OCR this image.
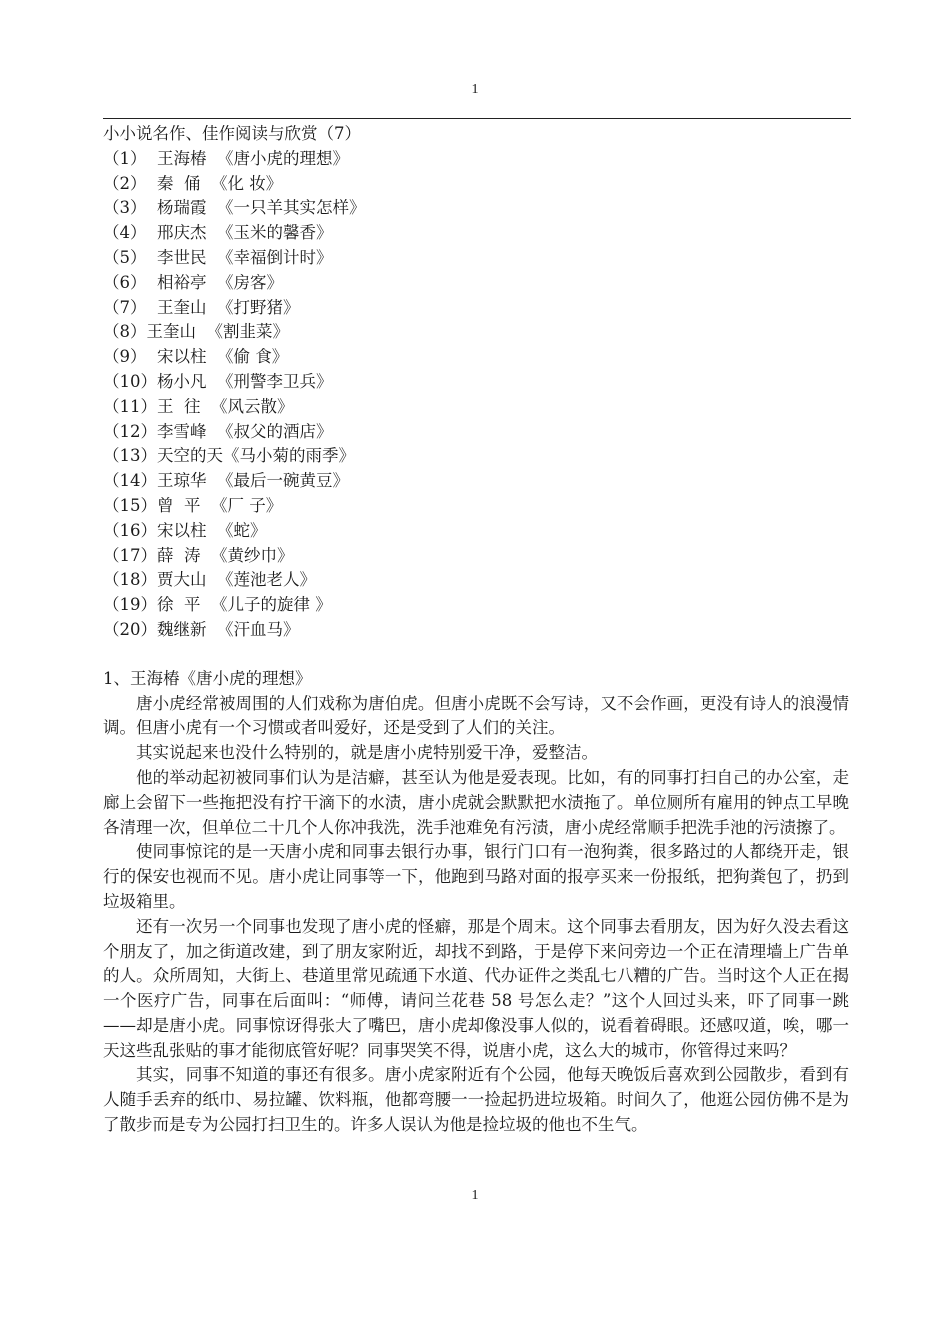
1
小小说名作、佳作阅读与欣赏（7）
（1）  王海椿  《唐小虎的理想》
（2）  秦  俑  《化 妆》
（3）  杨瑞霞  《一只羊其实怎样》
（4）  邢庆杰  《玉米的馨香》
（5）  李世民  《幸福倒计时》
（6）  相裕亭  《房客》
（7）  王奎山  《打野猪》
（8）王奎山  《割韭菜》
（9）  宋以柱  《偷 食》
（10）杨小凡  《刑警李卫兵》
（11）王  往  《风云散》
（12）李雪峰  《叔父的酒店》
（13）天空的天《马小菊的雨季》
（14）王琼华  《最后一碗黄豆》
（15）曾  平  《厂 子》
（16）宋以柱  《蛇》
（17）薛  涛  《黄纱巾》
（18）贾大山  《莲池老人》
（19）徐  平  《儿子的旋律 》
（20）魏继新  《汗血马》
1、王海椿《唐小虎的理想》

唐小虎经常被周围的人们戏称为唐伯虎。但唐小虎既不会写诗，又不会作画，更没有诗人的浪漫情调。但唐小虎有一个习惯或者叫爱好，还是受到了人们的关注。

其实说起来也没什么特别的，就是唐小虎特别爱干净，爱整洁。

他的举动起初被同事们认为是洁癖，甚至认为他是爱表现。比如，有的同事打扫自己的办公室，走廊上会留下一些拖把没有拧干滴下的水渍，唐小虎就会默默把水渍拖了。单位厕所有雇用的钟点工早晚各清理一次，但单位二十几个人你冲我洗，洗手池难免有污渍，唐小虎经常顺手把洗手池的污渍擦了。

使同事惊诧的是一天唐小虎和同事去银行办事，银行门口有一泡狗粪，很多路过的人都绕开走，银行的保安也视而不见。唐小虎让同事等一下，他跑到马路对面的报亭买来一份报纸，把狗粪包了，扔到垃圾箱里。

还有一次另一个同事也发现了唐小虎的怪癖，那是个周末。这个同事去看朋友，因为好久没去看这个朋友了，加之街道改建，到了朋友家附近，却找不到路，于是停下来问旁边一个正在清理墙上广告单的人。众所周知，大街上、巷道里常见疏通下水道、代办证件之类乱七八糟的广告。当时这个人正在揭一个医疗广告，同事在后面叫：“师傅，请问兰花巷 58 号怎么走？”这个人回过头来，吓了同事一跳——却是唐小虎。同事惊讶得张大了嘴巴，唐小虎却像没事人似的，说看着碍眼。还感叹道，唉，哪一天这些乱张贴的事才能彻底管好呢？同事哭笑不得，说唐小虎，这么大的城市，你管得过来吗？

其实，同事不知道的事还有很多。唐小虎家附近有个公园，他每天晚饭后喜欢到公园散步，看到有人随手丢弃的纸巾、易拉罐、饮料瓶，他都弯腰一一捡起扔进垃圾箱。时间久了，他逛公园仿佛不是为了散步而是专为公园打扫卫生的。许多人误认为他是捡垃圾的他也不生气。

1
